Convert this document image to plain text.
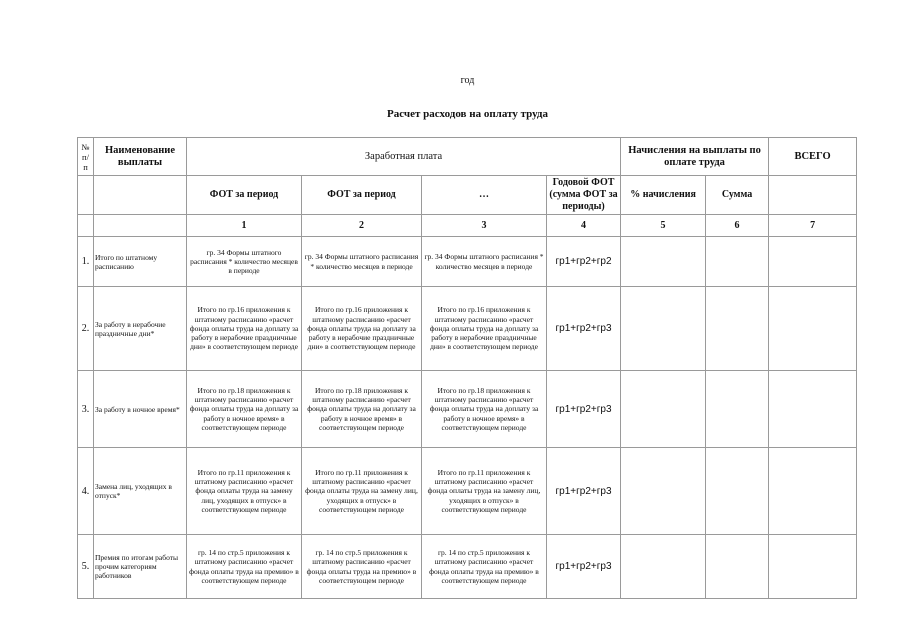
год
Расчет расходов на оплату труда
№ п/п	Наименование выплаты	Заработная плата				Начисления на выплаты по оплате труда		ВСЕГО
		ФОТ за период	ФОТ за период	…	Годовой ФОТ (сумма ФОТ за периоды)	% начисления	Сумма	
		1	2	3	4	5	6	7
1.	Итого по штатному расписанию	гр. 34 Формы штатного расписания * количество месяцев в периоде	гр. 34 Формы штатного расписания * количество месяцев в периоде	гр. 34 Формы штатного расписания * количество месяцев в периоде	гр1+гр2+гр2			
2.	За работу в нерабочие праздничные дни*	Итого по гр.16 приложения к штатному расписанию «расчет фонда оплаты труда на доплату за работу в нерабочие праздничные дни» в соответствующем периоде	Итого по гр.16 приложения к штатному расписанию «расчет фонда оплаты труда на доплату за работу в нерабочие праздничные дни» в соответствующем периоде	Итого по гр.16 приложения к штатному расписанию «расчет фонда оплаты труда на доплату за работу в нерабочие праздничные дни» в соответствующем периоде	гр1+гр2+гр3			
3.	За работу в ночное время*	Итого по гр.18 приложения к штатному расписанию «расчет фонда оплаты труда на доплату за работу в ночное время» в соответствующем периоде	Итого по гр.18 приложения к штатному расписанию «расчет фонда оплаты труда на доплату за работу в ночное время» в соответствующем периоде	Итого по гр.18 приложения к штатному расписанию «расчет фонда оплаты труда на доплату за работу в ночное время» в соответствующем периоде	гр1+гр2+гр3			
4.	Замена лиц, уходящих в отпуск*	Итого по гр.11 приложения к штатному расписанию «расчет фонда оплаты труда на замену лиц, уходящих в отпуск» в соответствующем периоде	Итого по гр.11 приложения к штатному расписанию «расчет фонда оплаты труда на замену лиц, уходящих в отпуск» в соответствующем периоде	Итого по гр.11 приложения к штатному расписанию «расчет фонда оплаты труда на замену лиц, уходящих в отпуск» в соответствующем периоде	гр1+гр2+гр3			
5.	Премия по итогам работы прочим категориям работников	гр. 14 по стр.5 приложения к штатному расписанию «расчет фонда оплаты труда на премию» в соответствующем периоде	гр. 14 по стр.5 приложения к штатному расписанию «расчет фонда оплаты труда на премию» в соответствующем периоде	гр. 14 по стр.5 приложения к штатному расписанию «расчет фонда оплаты труда на премию» в соответствующем периоде	гр1+гр2+гр3			
